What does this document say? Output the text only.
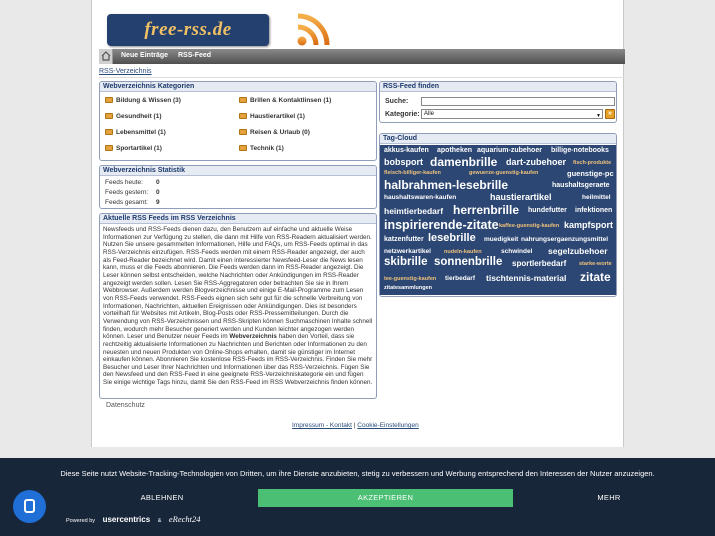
free-rss.de
Neue Einträge RSS-Feed
RSS-Verzeichnis
Webverzeichnis Kategorien
Bildung & Wissen (3)	Brillen & Kontaktlinsen (1)
Gesundheit (1)	Haustierartikel (1)
Lebensmittel (1)	Reisen & Urlaub (0)
Sportartikel (1)	Technik (1)
Webverzeichnis Statistik
Feeds heute: 0
Feeds gestern: 0
Feeds gesamt: 9
Aktuelle RSS Feeds im RSS Verzeichnis

Newsfeeds und RSS-Feeds dienen dazu, den Benutzern auf einfache und aktuelle Weise Informationen zur Verfügung zu stellen, die dann mit Hilfe von RSS-Readern aktualisiert werden. Nutzen Sie unsere gesammelten Informationen, Hilfe und FAQs, um RSS-Feeds optimal in das RSS-Verzeichnis einzufügen. RSS-Feeds werden mit einem RSS-Reader angezeigt, der auch als Feed-Reader bezeichnet wird. Damit einen interessierter Newsfeed-Leser die News lesen kann, muss er die Feeds abonnieren. Die Feeds werden dann im RSS-Reader angezeigt. Die Leser können selbst entscheiden, welche Nachrichten oder Ankündigungen im RSS-Reader angezeigt werden sollen. Lesen Sie RSS-Aggregatoren oder betrachten Sie sie in Ihrem Webbrowser. Außerdem werden Blogverzeichnisse und einige E-Mail-Programme zum Lesen von RSS-Feeds verwendet. RSS-Feeds eignen sich sehr gut für die schnelle Verbreitung von Informationen, Nachrichten, aktuellen Ereignissen oder Ankündigungen. Dies ist besonders vorteilhaft für Websites mit Artikeln, Blog-Posts oder RSS-Pressemitteilungen. Durch die Verwendung von RSS-Verzeichnissen und RSS-Skripten können Suchmaschinen Inhalte schnell finden, wodurch mehr Besucher generiert werden und Kunden leichter angezogen werden können. Leser und Benutzer neuer Feeds im Webverzeichnis haben den Vorteil, dass sie rechtzeitig aktualisierte Informationen zu Nachrichten und Berichten oder Informationen zu den neuesten und neuen Produkten von Online-Shops erhalten, damit sie günstiger im Internet einkaufen können. Abonnieren Sie kostenlose RSS-Feeds im RSS-Verzeichnis. Finden Sie mehr Besucher und Leser Ihrer Nachrichten und Informationen über das RSS-Verzeichnis. Fügen Sie den Newsfeed und den RSS-Feed in eine geeignete RSS-Verzeichniskategorie ein und fügen Sie einige wichtige Tags hinzu, damit Sie den RSS-Feed im RSS Webverzeichnis finden können.

Datenschutz
RSS-Feed finden
Suche:
Kategorie: Alle	▼ »
Tag-Cloud
akkus-kaufen apotheken aquarium-zubehoer billige-notebooks
bobsport damenbrille dart-zubehoer fisch-produkte
fleisch-billiger-kaufen	gewuerze-guenstig-kaufen	guenstige-pc
halbrahmen-lesebrille	haushaltsgeraete
haushaltswaren-kaufen	haustierartikel	heilmittel
heimtierbedarf herrenbrille hundefutter infektionen
inspirierende-zitate kaffee-guenstig-kaufen kampfsport
katzenfutter lesebrille muedigkeit nahrungsergaenzungsmittel
netzwerkartikel nudeln-kaufen	schwindel segelzubehoer
skibrille sonnenbrille sportlerbedarf starke-worte
tee-guenstig-kaufen tierbedarf tischtennis-material zitate
zitatesammlungen
Impressum - Kontakt | Cookie-Einstellungen
Diese Seite nutzt Website-Tracking-Technologien von Dritten, um ihre Dienste anzubieten, stetig zu verbessern und Werbung entsprechend den Interessen der Nutzer anzuzeigen.
ABLEHNEN	AKZEPTIEREN	MEHR
Powered by usercentrics & eRecht24
